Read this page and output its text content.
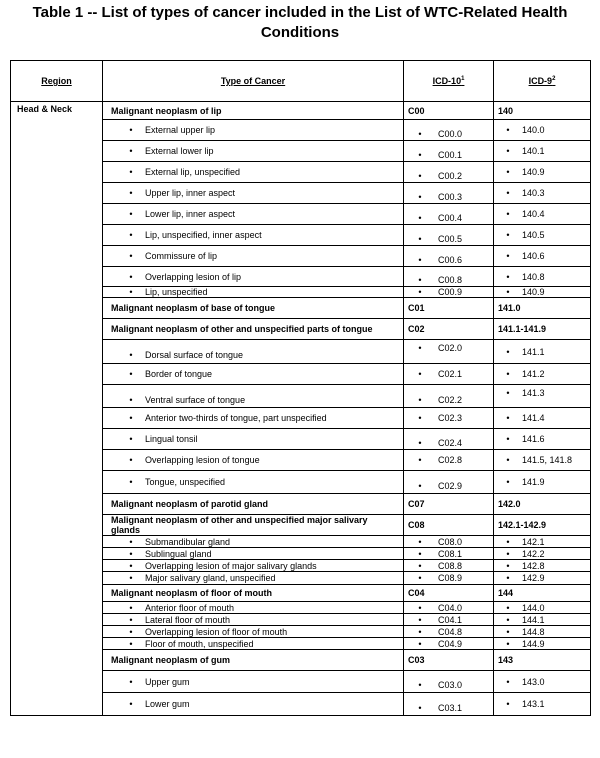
Table 1 -- List of types of cancer included in the List of WTC-Related Health Conditions
Region	Type of Cancer	ICD-$10^1$	ICD-$9^2$
Head & Neck	Malignant neoplasm of lip	C00	140
	• External upper lip	• C00.0	• 140.0
	• External lower lip	• C00.1	• 140.1
	• External lip, unspecified	• C00.2	• 140.9
	• Upper lip, inner aspect	• C00.3	• 140.3
	• Lower lip, inner aspect	• C00.4	• 140.4
	• Lip, unspecified, inner aspect	• C00.5	• 140.5
	• Commissure of lip	• C00.6	• 140.6
	• Overlapping lesion of lip	• C00.8	• 140.8
	• Lip, unspecified	• C00.9	• 140.9
	Malignant neoplasm of base of tongue	C01	141.0
	Malignant neoplasm of other and unspecified parts of tongue	C02	141.1-141.9
	• Dorsal surface of tongue	• C02.0	• 141.1
	• Border of tongue	• C02.1	• 141.2
	• Ventral surface of tongue	• C02.2	• 141.3
	• Anterior two-thirds of tongue, part unspecified	• C02.3	• 141.4
	• Lingual tonsil	• C02.4	• 141.6
	• Overlapping lesion of tongue	• C02.8	• 141.5, 141.8
	• Tongue, unspecified	• C02.9	• 141.9
	Malignant neoplasm of parotid gland	C07	142.0
	Malignant neoplasm of other and unspecified major salivary glands	C08	142.1-142.9
	• Submandibular gland	• C08.0	• 142.1
	• Sublingual gland	• C08.1	• 142.2
	• Overlapping lesion of major salivary glands	• C08.8	• 142.8
	• Major salivary gland, unspecified	• C08.9	• 142.9
	Malignant neoplasm of floor of mouth	C04	144
	• Anterior floor of mouth	• C04.0	• 144.0
	• Lateral floor of mouth	• C04.1	• 144.1
	• Overlapping lesion of floor of mouth	• C04.8	• 144.8
	• Floor of mouth, unspecified	• C04.9	• 144.9
	Malignant neoplasm of gum	C03	143
	• Upper gum	• C03.0	• 143.0
	• Lower gum	• C03.1	• 143.1
